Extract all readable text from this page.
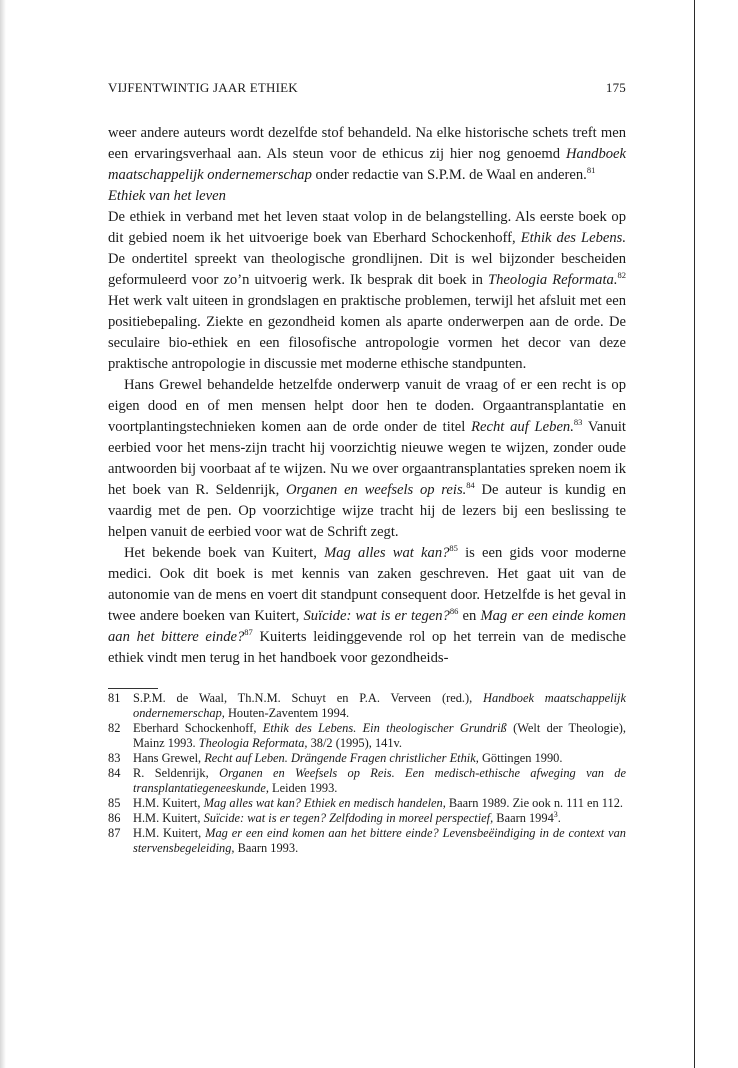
VIJFENTWINTIG JAAR ETHIEK	175

weer andere auteurs wordt dezelfde stof behandeld. Na elke historische schets treft men een ervaringsverhaal aan. Als steun voor de ethicus zij hier nog genoemd Handboek maatschappelijk ondernemerschap onder redactie van S.P.M. de Waal en anderen.$^{81}$

Ethiek van het leven

De ethiek in verband met het leven staat volop in de belangstelling. Als eerste boek op dit gebied noem ik het uitvoerige boek van Eberhard Schockenhoff, Ethik des Lebens. De ondertitel spreekt van theologische grondlijnen. Dit is wel bijzonder bescheiden geformuleerd voor zo’n uitvoerig werk. Ik besprak dit boek in Theologia Reformata.$^{82}$ Het werk valt uiteen in grondslagen en praktische problemen, terwijl het afsluit met een positiebepaling. Ziekte en gezondheid komen als aparte onderwerpen aan de orde. De seculaire bio-ethiek en een filosofische antropologie vormen het decor van deze praktische antropologie in discussie met moderne ethische standpunten.

Hans Grewel behandelde hetzelfde onderwerp vanuit de vraag of er een recht is op eigen dood en of men mensen helpt door hen te doden. Orgaantransplantatie en voortplantingstechnieken komen aan de orde onder de titel Recht auf Leben.$^{83}$ Vanuit eerbied voor het mens-zijn tracht hij voorzichtig nieuwe wegen te wijzen, zonder oude antwoorden bij voorbaat af te wijzen. Nu we over orgaantransplantaties spreken noem ik het boek van R. Seldenrijk, Organen en weefsels op reis.$^{84}$ De auteur is kundig en vaardig met de pen. Op voorzichtige wijze tracht hij de lezers bij een beslissing te helpen vanuit de eerbied voor wat de Schrift zegt.

Het bekende boek van Kuitert, Mag alles wat kan?$^{85}$ is een gids voor moderne medici. Ook dit boek is met kennis van zaken geschreven. Het gaat uit van de autonomie van de mens en voert dit standpunt consequent door. Hetzelfde is het geval in twee andere boeken van Kuitert, Suïcide: wat is er tegen?$^{86}$ en Mag er een einde komen aan het bittere einde?$^{87}$ Kuiterts leidinggevende rol op het terrein van de medische ethiek vindt men terug in het handboek voor gezondheids-

81	S.P.M. de Waal, Th.N.M. Schuyt en P.A. Verveen (red.), Handboek maatschappelijk ondernemerschap, Houten-Zaventem 1994.
82	Eberhard Schockenhoff, Ethik des Lebens. Ein theologischer Grundriß (Welt der Theologie), Mainz 1993. Theologia Reformata, 38/2 (1995), 141v.
83	Hans Grewel, Recht auf Leben. Drängende Fragen christlicher Ethik, Göttingen 1990.
84	R. Seldenrijk, Organen en Weefsels op Reis. Een medisch-ethische afweging van de transplantatiegeneeskunde, Leiden 1993.
85	H.M. Kuitert, Mag alles wat kan? Ethiek en medisch handelen, Baarn 1989. Zie ook n. 111 en 112.
86	H.M. Kuitert, Suïcide: wat is er tegen? Zelfdoding in moreel perspectief, Baarn 1994$^3$.
87	H.M. Kuitert, Mag er een eind komen aan het bittere einde? Levensbeëindiging in de context van stervensbegeleiding, Baarn 1993.
